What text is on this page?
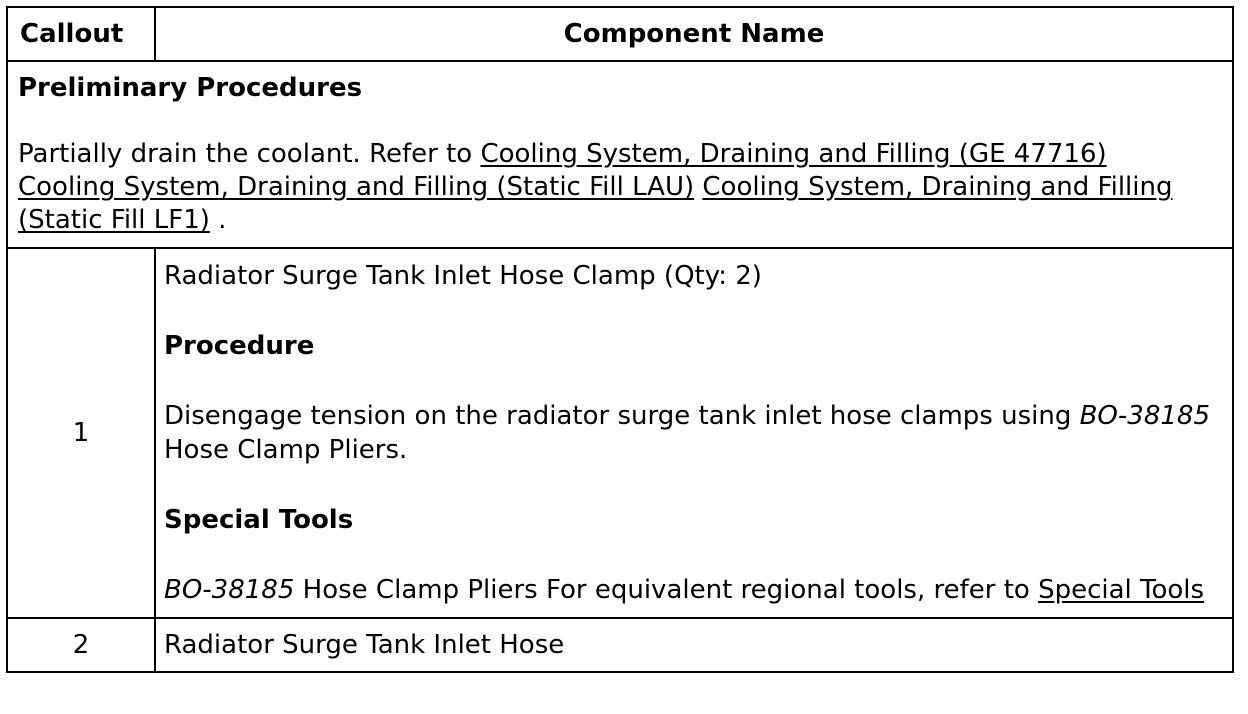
Callout	Component Name

Preliminary Procedures
Partially drain the coolant. Refer to Cooling System, Draining and Filling (GE 47716)
Cooling System, Draining and Filling (Static Fill LAU) Cooling System, Draining and Filling (Static Fill LF1) .	

1	Radiator Surge Tank Inlet Hose Clamp (Qty: 2)

Procedure

Disengage tension on the radiator surge tank inlet hose clamps using BO-38185 Hose Clamp Pliers.

Special Tools

BO-38185 Hose Clamp Pliers For equivalent regional tools, refer to Special Tools

2	Radiator Surge Tank Inlet Hose
